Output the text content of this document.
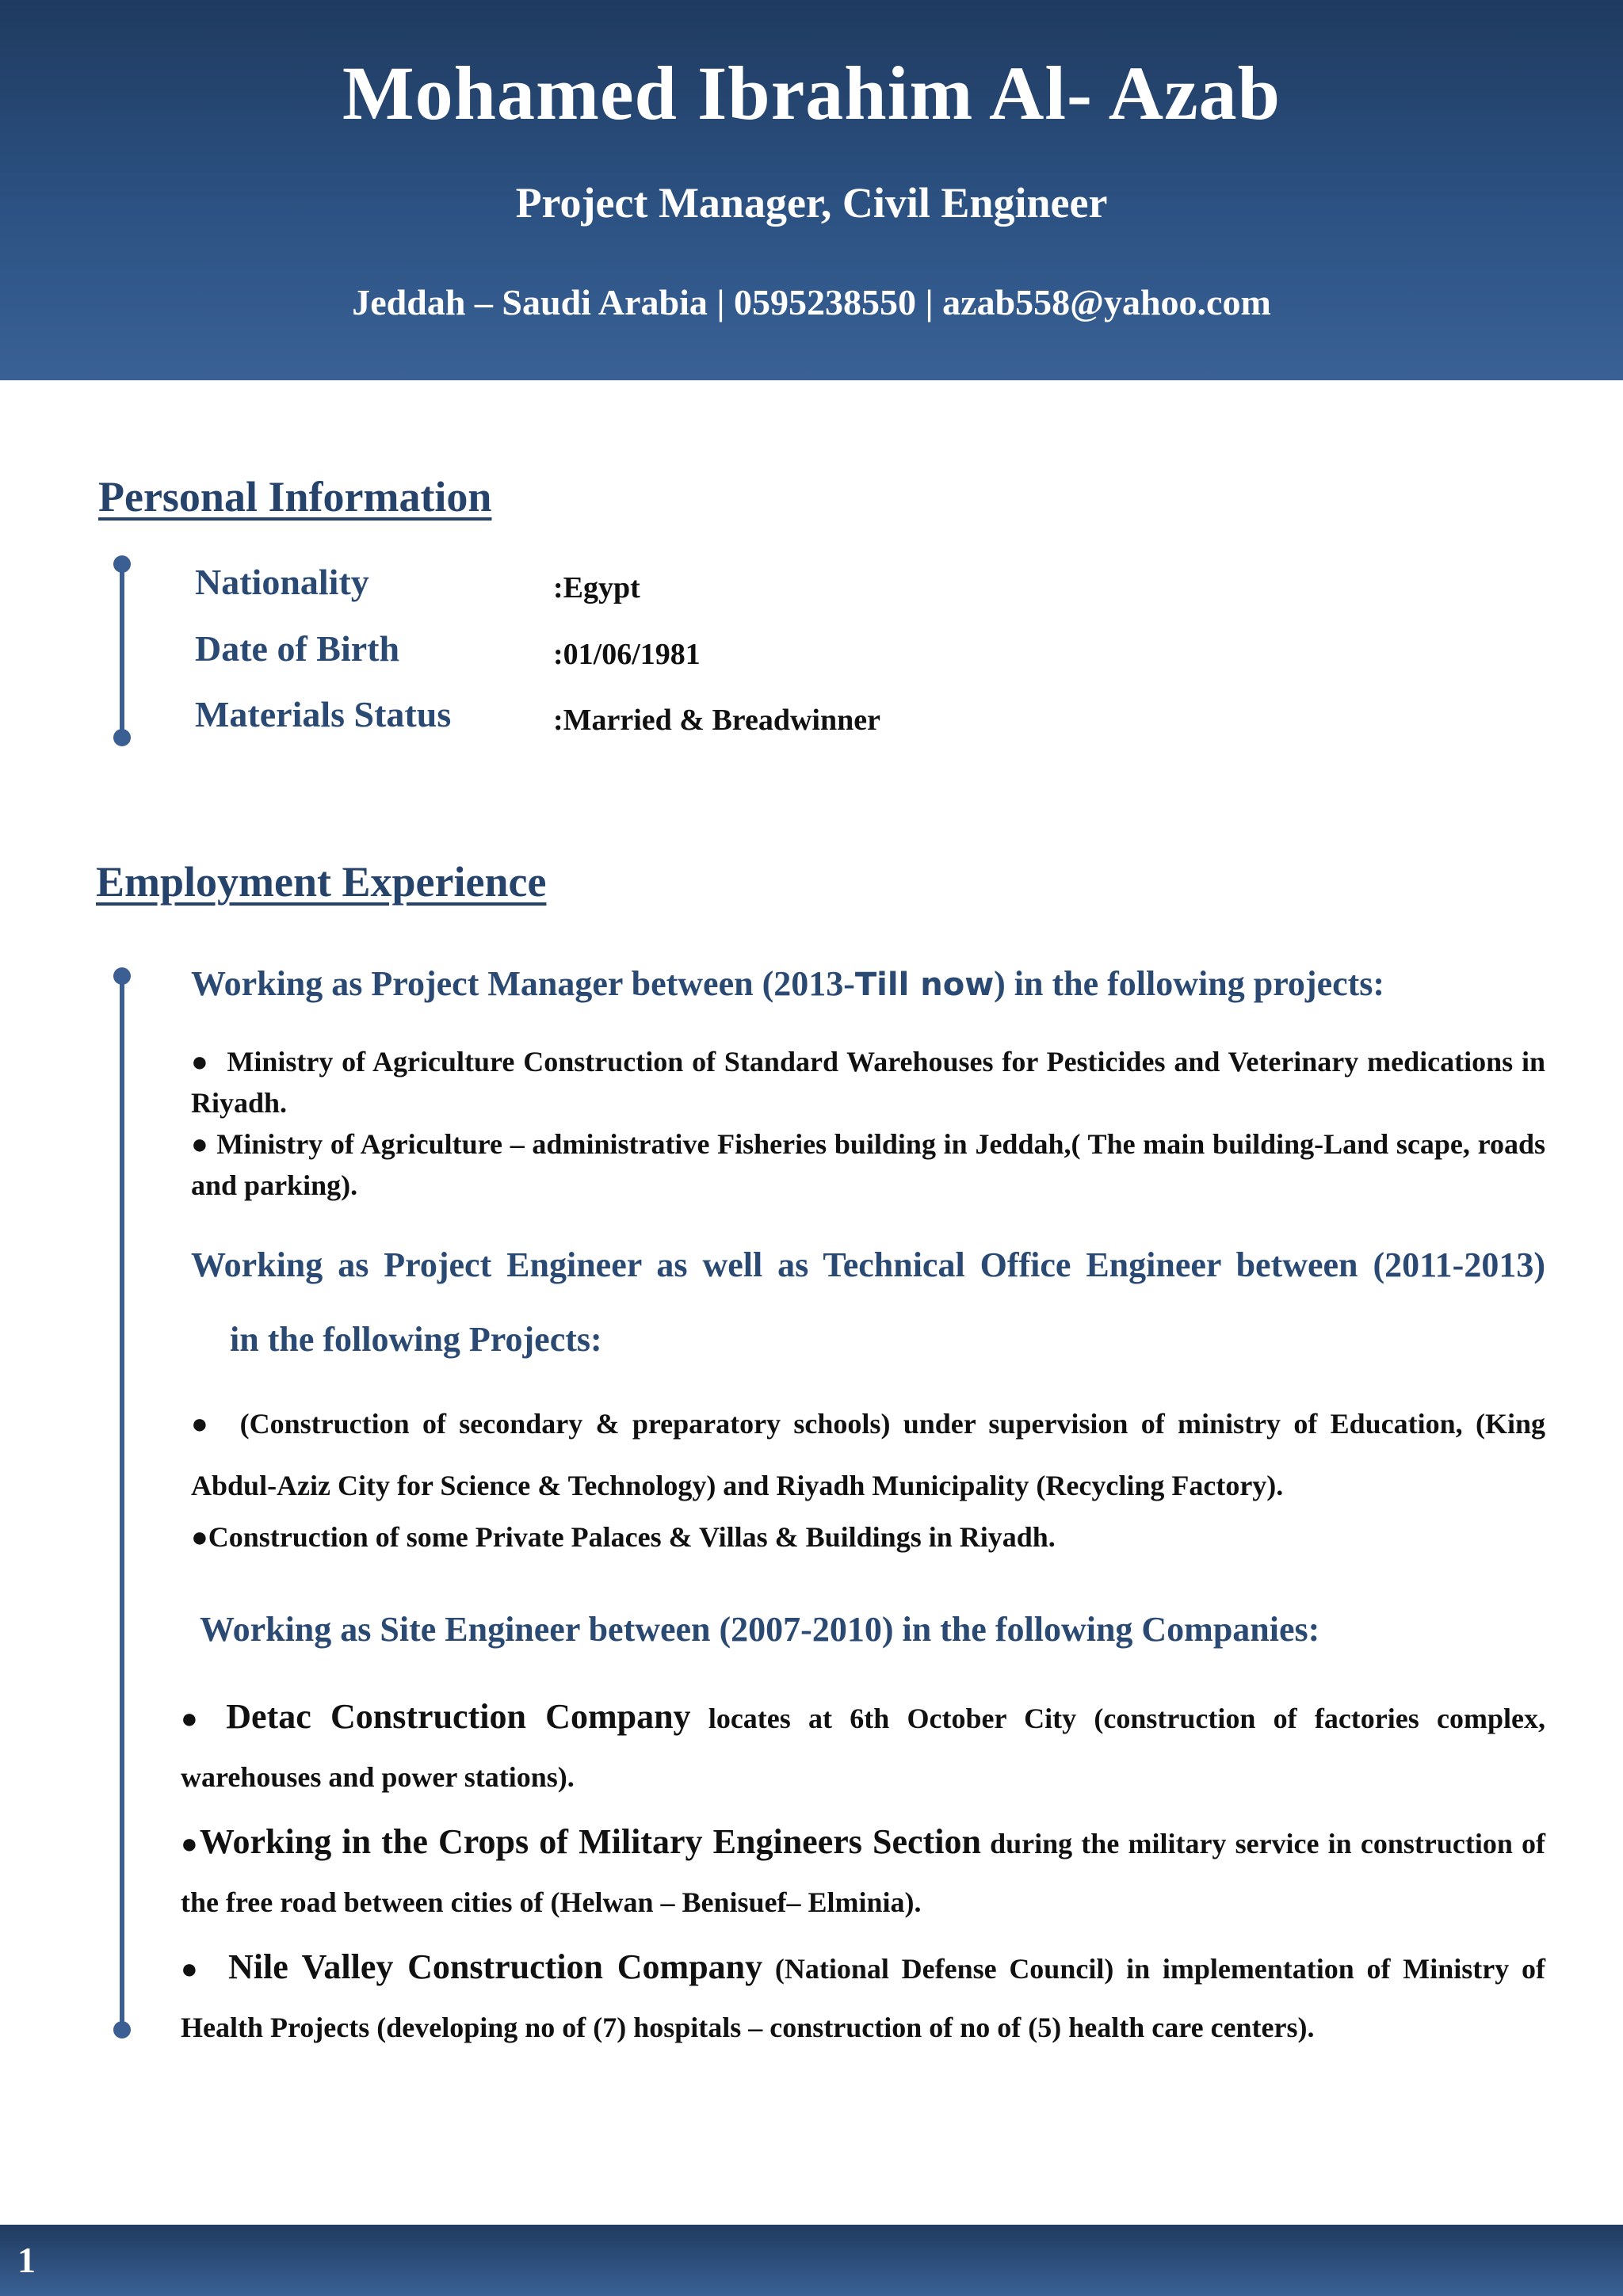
Mohamed Ibrahim Al- Azab
Project Manager, Civil Engineer
Jeddah – Saudi Arabia | 0595238550 | azab558@yahoo.com
Personal Information
Nationality	:Egypt
Date of Birth	:01/06/1981
Materials Status	:Married & Breadwinner
Employment Experience
Working as Project Manager between (2013-Till now) in the following projects:
● Ministry of Agriculture Construction of Standard Warehouses for Pesticides and Veterinary medications in Riyadh.
● Ministry of Agriculture – administrative Fisheries building in Jeddah,( The main building-Land scape, roads and parking).
Working as Project Engineer as well as Technical Office Engineer between (2011-2013)
in the following Projects:
● (Construction of secondary & preparatory schools) under supervision of ministry of Education, (King Abdul-Aziz City for Science & Technology) and Riyadh Municipality (Recycling Factory).
●Construction of some Private Palaces & Villas & Buildings in Riyadh.
Working as Site Engineer between (2007-2010) in the following Companies:
● Detac Construction Company locates at 6th October City (construction of factories complex, warehouses and power stations).
●Working in the Crops of Military Engineers Section during the military service in construction of the free road between cities of (Helwan – Benisuef– Elminia).
● Nile Valley Construction Company (National Defense Council) in implementation of Ministry of Health Projects (developing no of (7) hospitals – construction of no of (5) health care centers).
1
